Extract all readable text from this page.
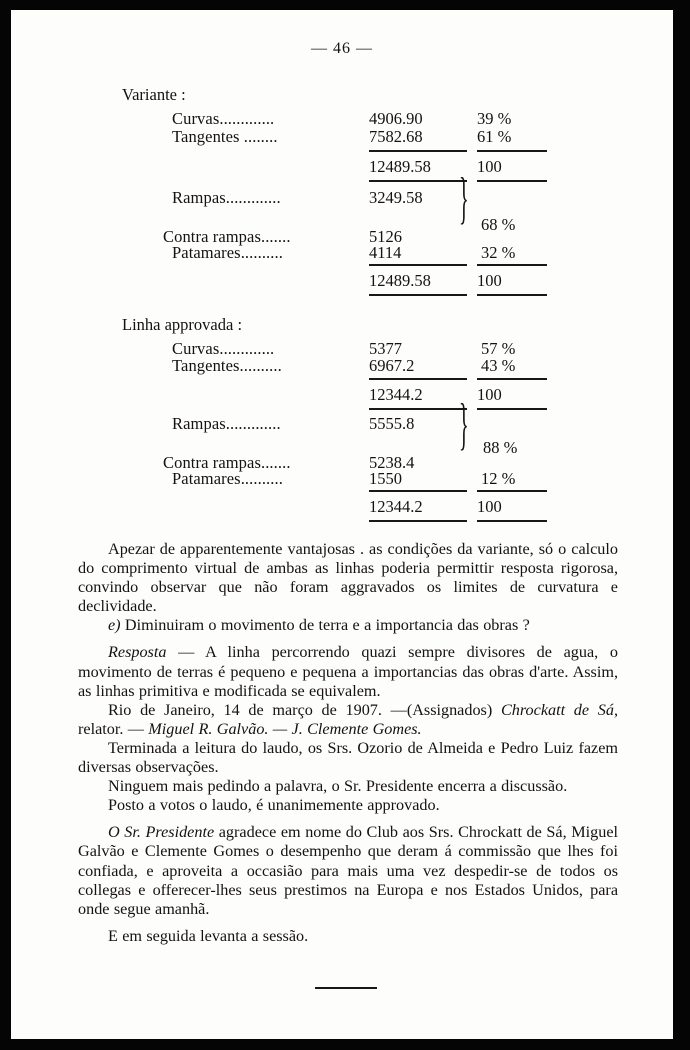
— 46 —
Variante :
Curvas.............	4906.90	39 %
Tangentes ........	7582.68	61 %
12489.58	100
Rampas.............	3249.58	} 68 %
Contra rampas.......	5126
Patamares..........	4114	32 %
12489.58	100
Linha approvada :
Curvas.............	5377	57 %
Tangentes..........	6967.2	43 %
12344.2	100
Rampas.............	5555.8	} 88 %
Contra rampas.......	5238.4
Patamares..........	1550	12 %
12344.2	100

Apezar de apparentemente vantajosas . as condições da variante, só o calculo do comprimento virtual de ambas as linhas poderia permittir resposta rigorosa, convindo observar que não foram aggravados os limites de curvatura e declividade.

e) Diminuiram o movimento de terra e a importancia das obras ?

Resposta — A linha percorrendo quazi sempre divisores de agua, o movimento de terras é pequeno e pequena a importancias das obras d'arte. Assim, as linhas primitiva e modificada se equivalem.

Rio de Janeiro, 14 de março de 1907. —(Assignados) Chrockatt de Sá, relator. — Miguel R. Galvão. — J. Clemente Gomes.

Terminada a leitura do laudo, os Srs. Ozorio de Almeida e Pedro Luiz fazem diversas observações.

Ninguem mais pedindo a palavra, o Sr. Presidente encerra a discussão.

Posto a votos o laudo, é unanimemente approvado.

O Sr. Presidente agradece em nome do Club aos Srs. Chrockatt de Sá, Miguel Galvão e Clemente Gomes o desempenho que deram á commissão que lhes foi confiada, e aproveita a occasião para mais uma vez despedir-se de todos os collegas e offerecer-lhes seus prestimos na Europa e nos Estados Unidos, para onde segue amanhã.

E em seguida levanta a sessão.
